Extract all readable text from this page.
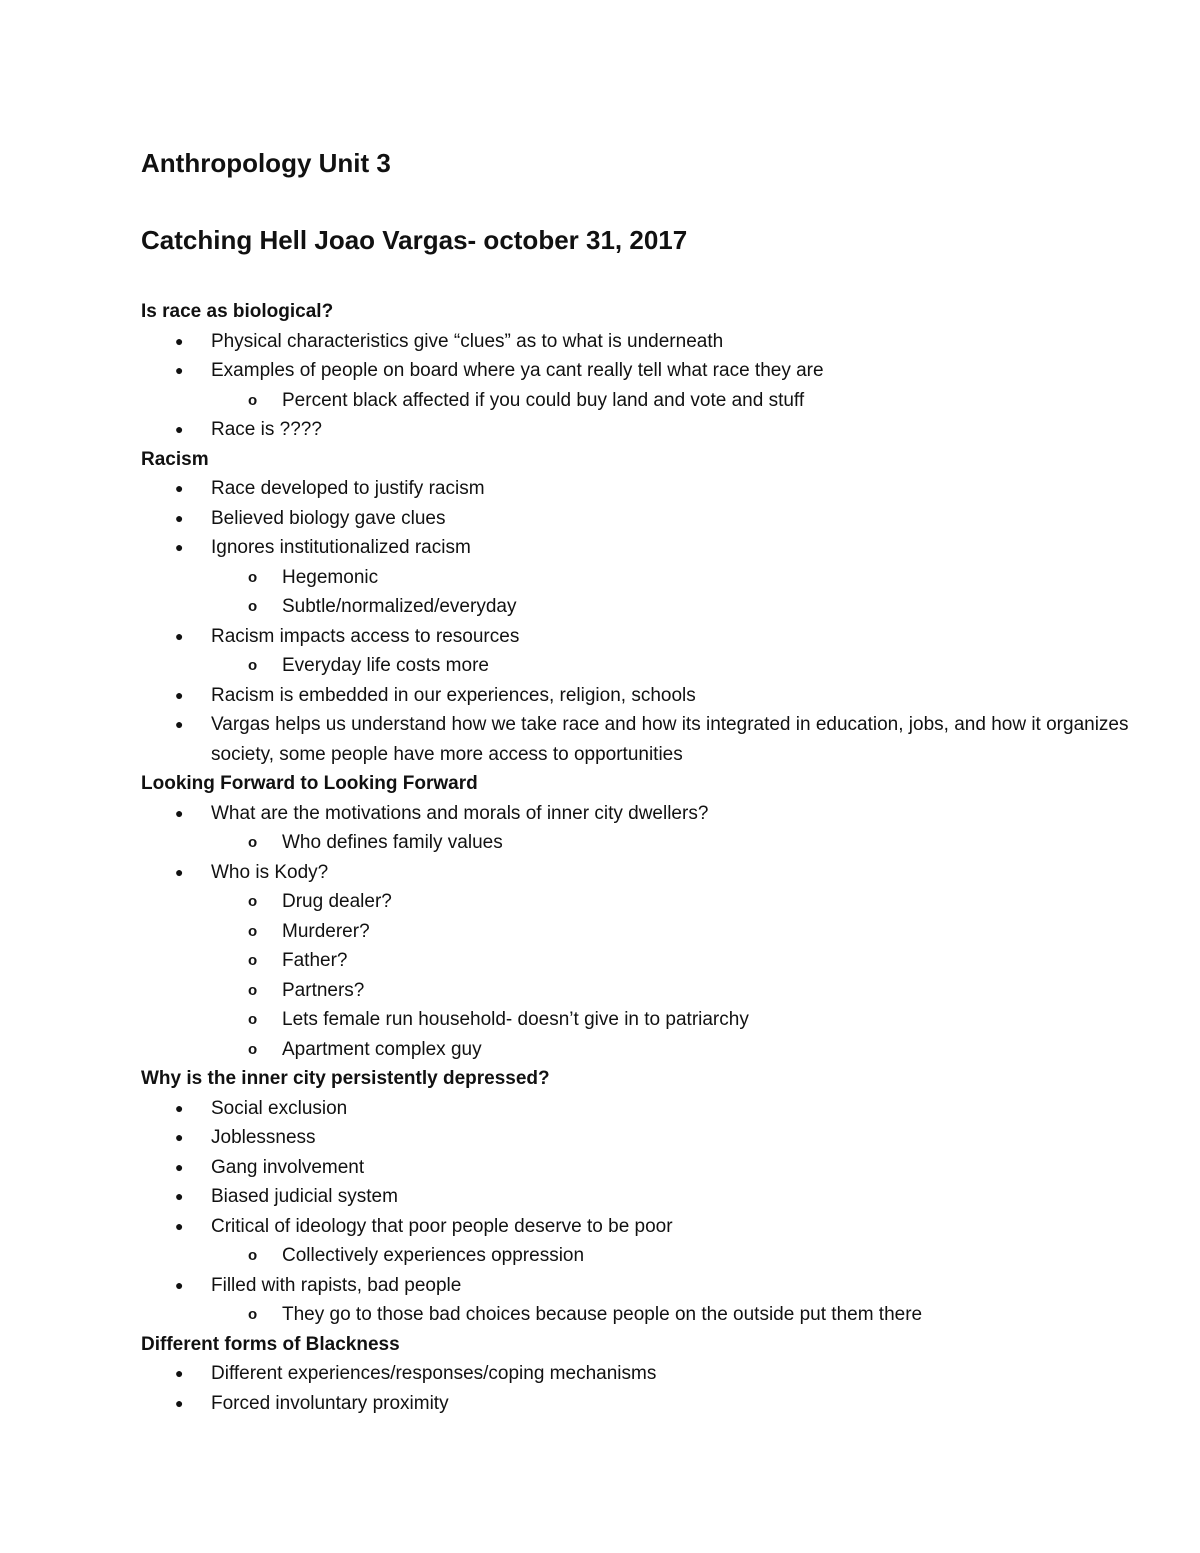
Anthropology Unit 3
Catching Hell Joao Vargas- october 31, 2017
Is race as biological?
● Physical characteristics give “clues” as to what is underneath
● Examples of people on board where ya cant really tell what race they are
o Percent black affected if you could buy land and vote and stuff
● Race is ????
Racism
● Race developed to justify racism
● Believed biology gave clues
● Ignores institutionalized racism
o Hegemonic
o Subtle/normalized/everyday
● Racism impacts access to resources
o Everyday life costs more
● Racism is embedded in our experiences, religion, schools
● Vargas helps us understand how we take race and how its integrated in education, jobs, and how it organizes society, some people have more access to opportunities
Looking Forward to Looking Forward
● What are the motivations and morals of inner city dwellers?
o Who defines family values
● Who is Kody?
o Drug dealer?
o Murderer?
o Father?
o Partners?
o Lets female run household- doesn’t give in to patriarchy
o Apartment complex guy
Why is the inner city persistently depressed?
● Social exclusion
● Joblessness
● Gang involvement
● Biased judicial system
● Critical of ideology that poor people deserve to be poor
o Collectively experiences oppression
● Filled with rapists, bad people
o They go to those bad choices because people on the outside put them there
Different forms of Blackness
● Different experiences/responses/coping mechanisms
● Forced involuntary proximity
